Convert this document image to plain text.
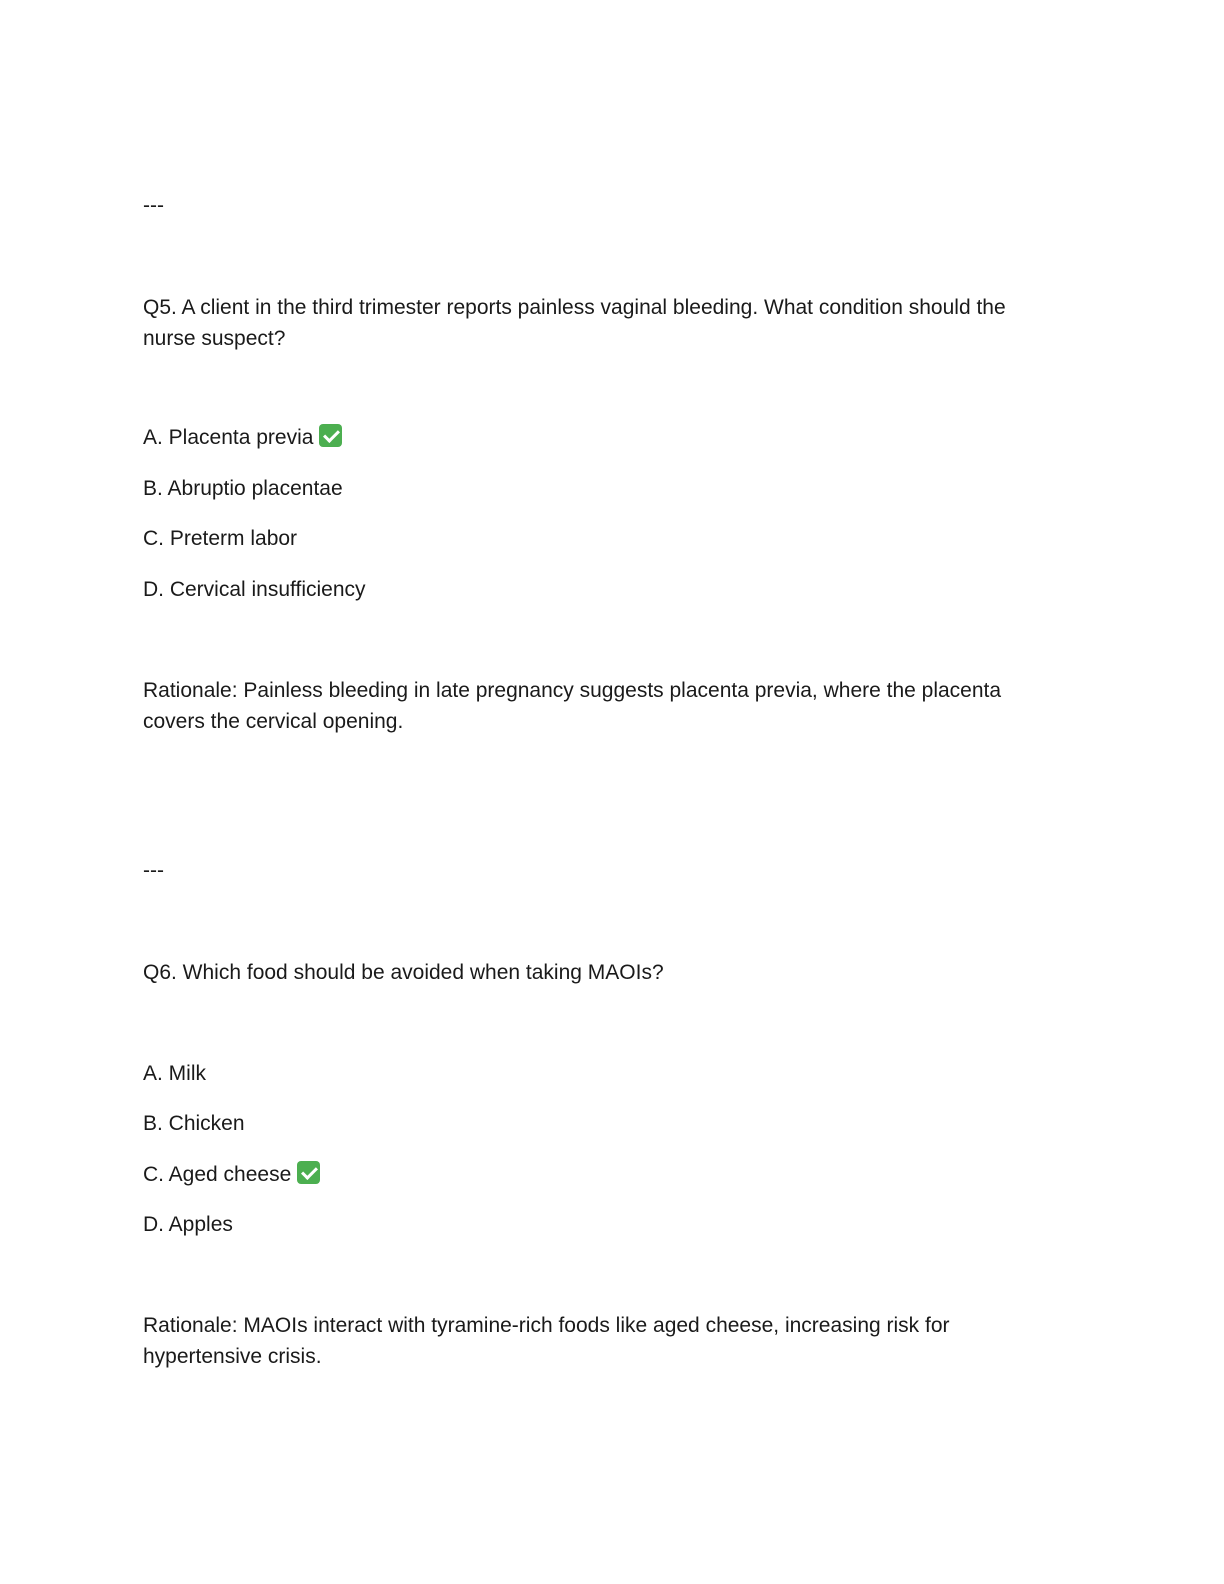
---
Q5. A client in the third trimester reports painless vaginal bleeding. What condition should the nurse suspect?
A. Placenta previa
B. Abruptio placentae
C. Preterm labor
D. Cervical insufficiency
Rationale: Painless bleeding in late pregnancy suggests placenta previa, where the placenta covers the cervical opening.
---
Q6. Which food should be avoided when taking MAOIs?
A. Milk
B. Chicken
C. Aged cheese
D. Apples
Rationale: MAOIs interact with tyramine-rich foods like aged cheese, increasing risk for hypertensive crisis.
